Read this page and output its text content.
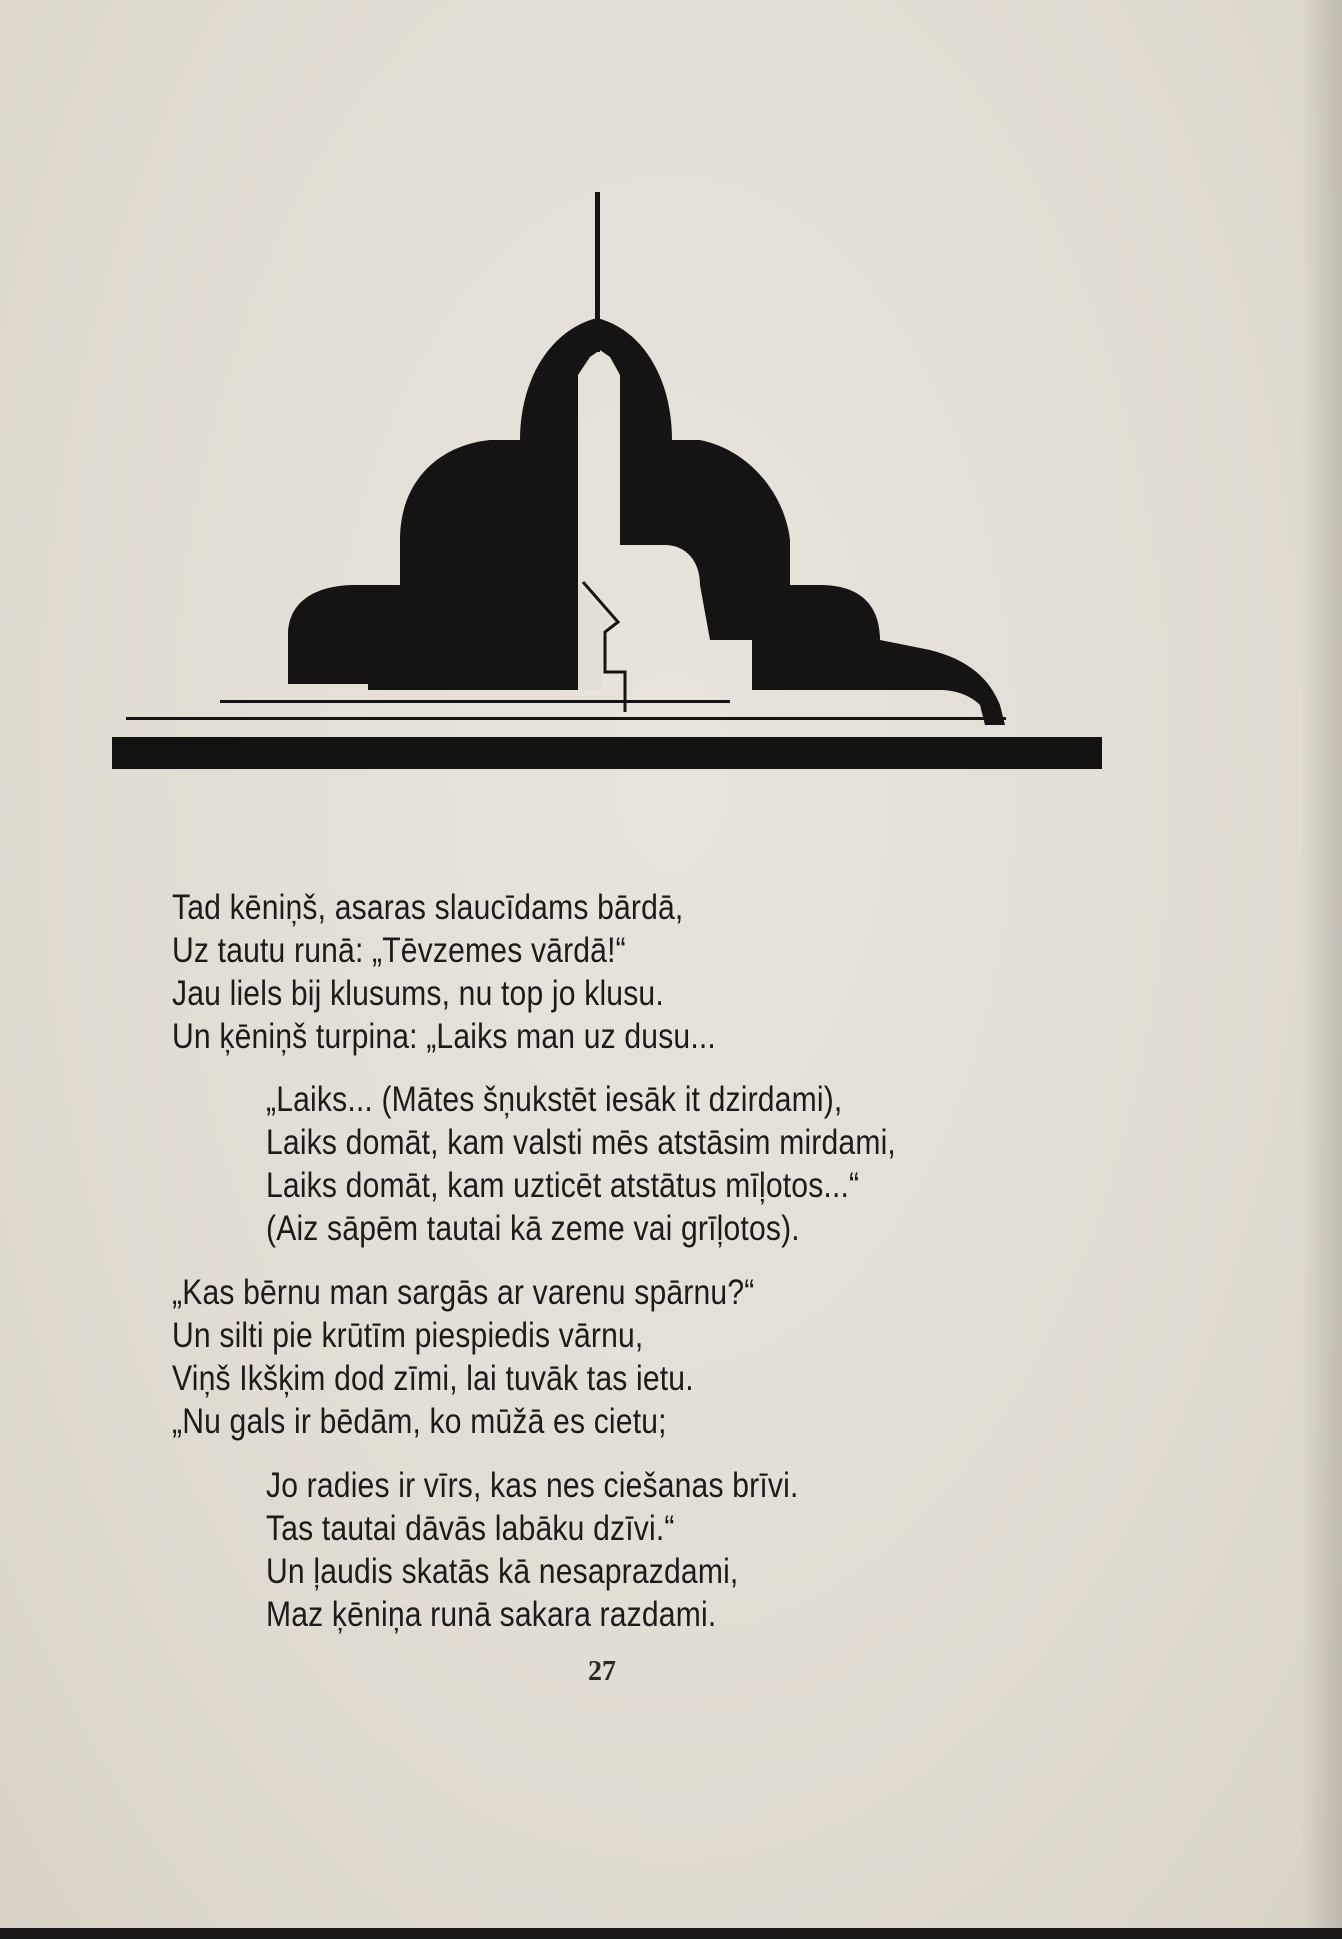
Tad kēniņš, asaras slaucīdams bārdā,
Uz tautu runā: „Tēvzemes vārdā!“
Jau liels bij klusums, nu top jo klusu.
Un ķēniņš turpina: „Laiks man uz dusu...
„Laiks... (Mātes šņukstēt iesāk it dzirdami),
Laiks domāt, kam valsti mēs atstāsim mirdami,
Laiks domāt, kam uzticēt atstātus mīļotos...“
(Aiz sāpēm tautai kā zeme vai grīļotos).
„Kas bērnu man sargās ar varenu spārnu?“
Un silti pie krūtīm piespiedis vārnu,
Viņš Ikšķim dod zīmi, lai tuvāk tas ietu.
„Nu gals ir bēdām, ko mūžā es cietu;
Jo radies ir vīrs, kas nes ciešanas brīvi.
Tas tautai dāvās labāku dzīvi.“
Un ļaudis skatās kā nesaprazdami,
Maz ķēniņa runā sakara razdami.
27
